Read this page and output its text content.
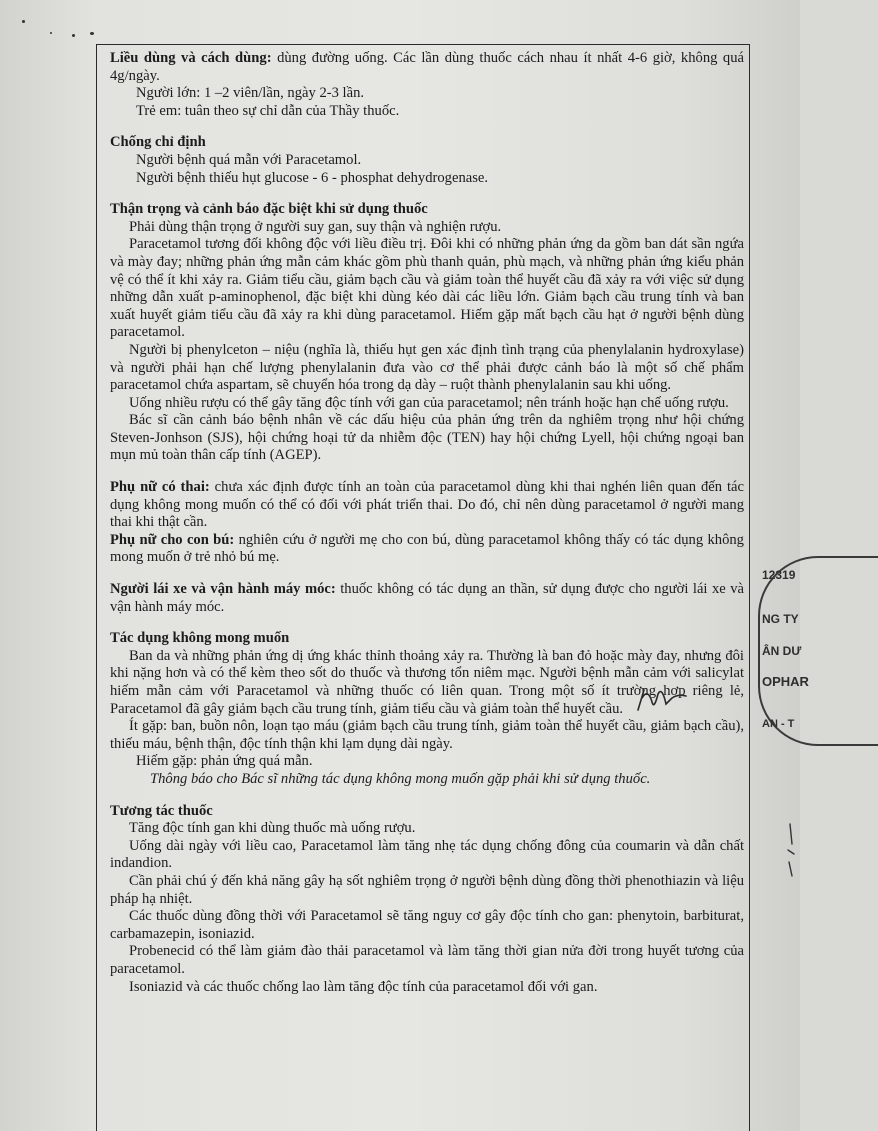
Liều dùng và cách dùng: dùng đường uống. Các lần dùng thuốc cách nhau ít nhất 4-6 giờ, không quá 4g/ngày.

Người lớn: 1 –2 viên/lần, ngày 2-3 lần.

Trẻ em: tuân theo sự chỉ dẫn của Thầy thuốc.

Chống chỉ định

Người bệnh quá mẫn với Paracetamol.

Người bệnh thiếu hụt glucose - 6 - phosphat dehydrogenase.

Thận trọng và cảnh báo đặc biệt khi sử dụng thuốc

Phải dùng thận trọng ở người suy gan, suy thận và nghiện rượu.

Paracetamol tương đối không độc với liều điều trị. Đôi khi có những phản ứng da gồm ban dát sần ngứa và mày đay; những phản ứng mẫn cảm khác gồm phù thanh quản, phù mạch, và những phản ứng kiểu phản vệ có thể ít khi xảy ra. Giảm tiểu cầu, giảm bạch cầu và giảm toàn thể huyết cầu đã xảy ra với việc sử dụng những dẫn xuất p-aminophenol, đặc biệt khi dùng kéo dài các liều lớn. Giảm bạch cầu trung tính và ban xuất huyết giảm tiểu cầu đã xảy ra khi dùng paracetamol. Hiếm gặp mất bạch cầu hạt ở người bệnh dùng paracetamol.

Người bị phenylceton – niệu (nghĩa là, thiếu hụt gen xác định tình trạng của phenylalanin hydroxylase) và người phải hạn chế lượng phenylalanin đưa vào cơ thể phải được cảnh báo là một số chế phẩm paracetamol chứa aspartam, sẽ chuyển hóa trong dạ dày – ruột thành phenylalanin sau khi uống.

Uống nhiều rượu có thể gây tăng độc tính với gan của paracetamol; nên tránh hoặc hạn chế uống rượu.

Bác sĩ cần cảnh báo bệnh nhân về các dấu hiệu của phản ứng trên da nghiêm trọng như hội chứng Steven-Jonhson (SJS), hội chứng hoại tử da nhiễm độc (TEN) hay hội chứng Lyell, hội chứng ngoại ban mụn mủ toàn thân cấp tính (AGEP).

Phụ nữ có thai: chưa xác định được tính an toàn của paracetamol dùng khi thai nghén liên quan đến tác dụng không mong muốn có thể có đối với phát triển thai. Do đó, chỉ nên dùng paracetamol ở người mang thai khi thật cần.

Phụ nữ cho con bú: nghiên cứu ở người mẹ cho con bú, dùng paracetamol không thấy có tác dụng không mong muốn ở trẻ nhỏ bú mẹ.

Người lái xe và vận hành máy móc: thuốc không có tác dụng an thần, sử dụng được cho người lái xe và vận hành máy móc.

Tác dụng không mong muốn

Ban da và những phản ứng dị ứng khác thỉnh thoảng xảy ra. Thường là ban đỏ hoặc mày đay, nhưng đôi khi nặng hơn và có thể kèm theo sốt do thuốc và thương tổn niêm mạc. Người bệnh mẫn cảm với salicylat hiếm mẫn cảm với Paracetamol và những thuốc có liên quan. Trong một số ít trường hợp riêng lẻ, Paracetamol đã gây giảm bạch cầu trung tính, giảm tiểu cầu và giảm toàn thể huyết cầu.

Ít gặp: ban, buồn nôn, loạn tạo máu (giảm bạch cầu trung tính, giảm toàn thể huyết cầu, giảm bạch cầu), thiếu máu, bệnh thận, độc tính thận khi lạm dụng dài ngày.

Hiếm gặp: phản ứng quá mẫn.

Thông báo cho Bác sĩ những tác dụng không mong muốn gặp phải khi sử dụng thuốc.

Tương tác thuốc

Tăng độc tính gan khi dùng thuốc mà uống rượu.

Uống dài ngày với liều cao, Paracetamol làm tăng nhẹ tác dụng chống đông của coumarin và dẫn chất indandion.

Cần phải chú ý đến khả năng gây hạ sốt nghiêm trọng ở người bệnh dùng đồng thời phenothiazin và liệu pháp hạ nhiệt.

Các thuốc dùng đồng thời với Paracetamol sẽ tăng nguy cơ gây độc tính cho gan: phenytoin, barbiturat, carbamazepin, isoniazid.

Probenecid có thể làm giảm đào thải paracetamol và làm tăng thời gian nửa đời trong huyết tương của paracetamol.

Isoniazid và các thuốc chống lao làm tăng độc tính của paracetamol đối với gan.

12319
NG TY
ÂN DƯ
OPHAR
AN - T
